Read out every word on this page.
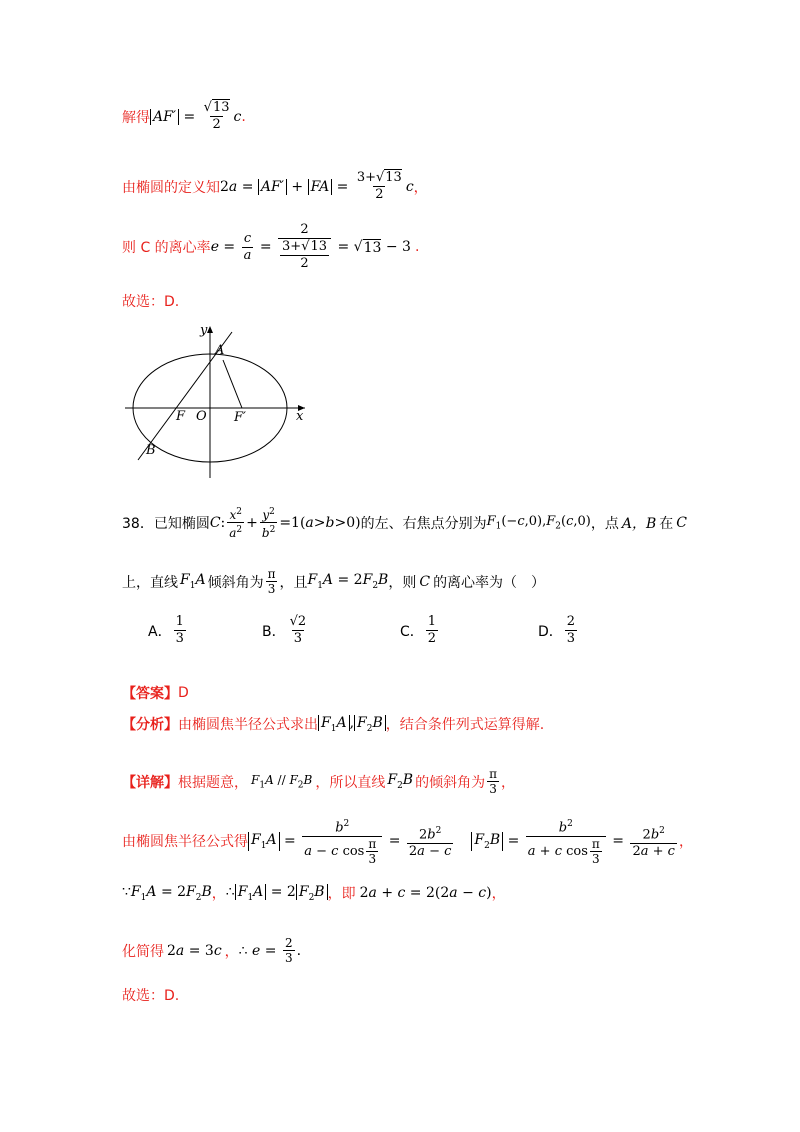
解得 $AF' = \frac{√13}{2}$ c .
由椭圆的定义知 2 a = AF′ + FA = $\frac{3+√13}{2}$ c ，
则 C 的离心率 $e = \frac{c}{a} = 2$
3+√13
2 = √ 13 − 3 .
故选：D.
y
x
A
F O F′
B
38． 已知椭圆 C : $\frac{x^2}{a^2} + \frac{y^2}{b^2} =1$( a > b >0) 的左、右焦点分别为 $F_1(-c,0),F_2(c,0)$ ，点 A，B 在 C
上，直线 $F_1A$ 倾斜角为 $\frac{\pi}{3}$ ，且 $F_1A = 2F_2B$ ，则 C 的离心率为（　）
A． $\frac{1}{3}$	B． $\frac{√2}{3}$	C． $\frac{1}{2}$	D． $\frac{2}{3}$
【答案】 D
【分析】 由椭圆焦半径公式求出 $F_1A$ , $F_2B$ ，结合条件列式运算得解.
【详解】 根据题意， $F_1A // F_2B$ ，所以直线 $F_2B$ 的倾斜角为 $\frac{\pi}{3}$ ，
由椭圆焦半径公式得 $F_1A = \frac{b^2}{a - c \cos \frac{\pi}{3}} = \frac{2b^2}{2a - c} F_2B = \frac{b^2}{a + c \cos \frac{\pi}{3}} = \frac{2b^2}{2a + c}$ ，
$\because F_1A = 2F_2B$ ， ∴ $F_1A = 2$ $F_2B$ ，即 2a + c = 2(2a − c) ，
化简得 2a = 3c ， ∴ $e = \frac{2}{3}$ .
故选：D.
